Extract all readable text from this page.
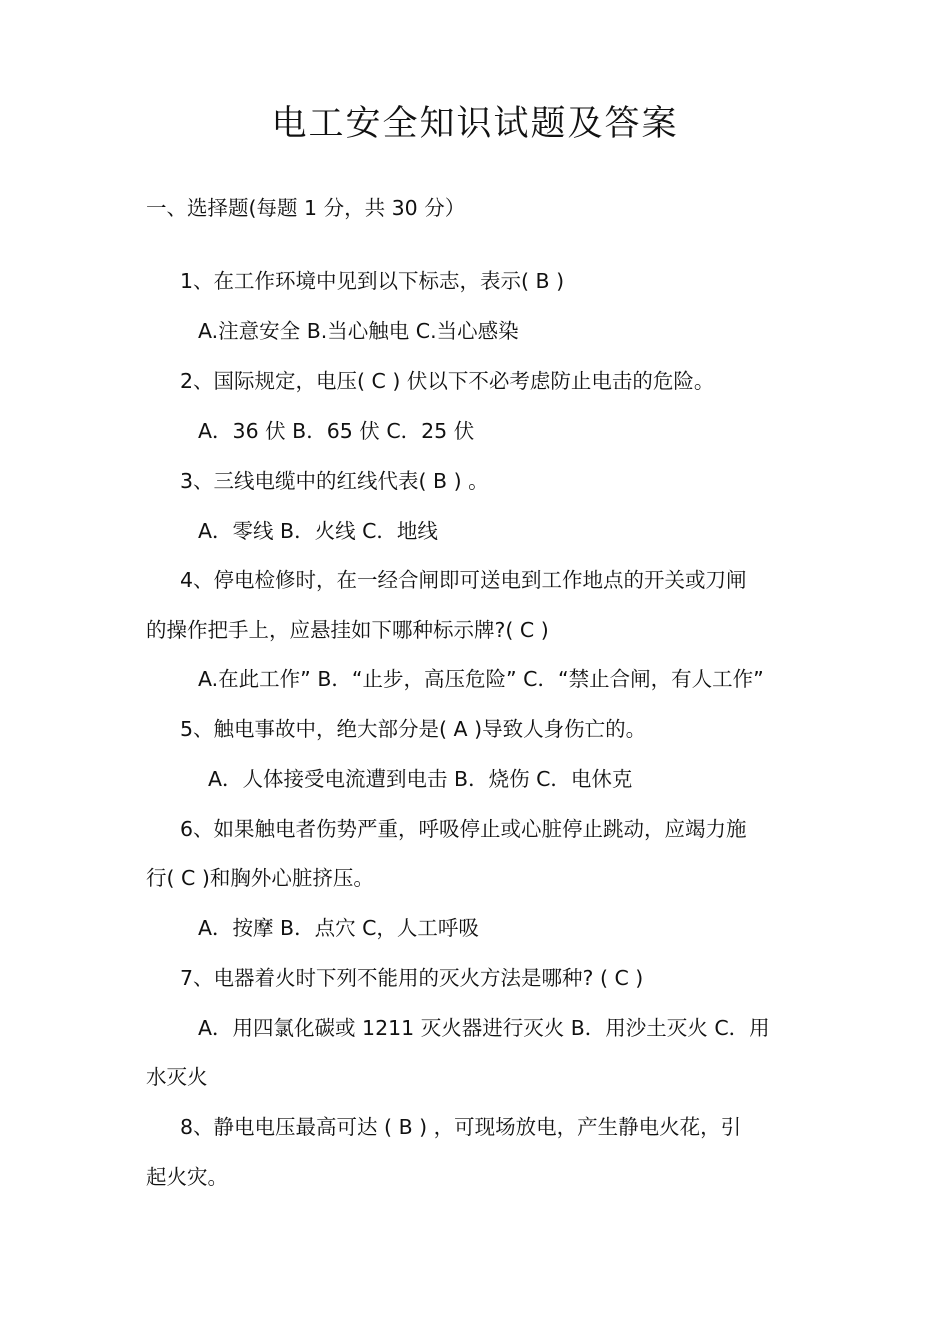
电工安全知识试题及答案
一、选择题(每题 1 分，共 30 分）
1、在工作环境中见到以下标志，表示( B )
A.注意安全 B.当心触电 C.当心感染
2、国际规定，电压( C ) 伏以下不必考虑防止电击的危险。
A．36 伏 B．65 伏 C．25 伏
3、三线电缆中的红线代表( B ) 。
A．零线 B．火线 C．地线
4、停电检修时，在一经合闸即可送电到工作地点的开关或刀闸
的操作把手上，应悬挂如下哪种标示牌?( C )
A.在此工作” B．“止步，高压危险” C．“禁止合闸，有人工作”
5、触电事故中，绝大部分是( A )导致人身伤亡的。
A．人体接受电流遭到电击 B．烧伤 C．电休克
6、如果触电者伤势严重，呼吸停止或心脏停止跳动，应竭力施
行( C )和胸外心脏挤压。
A．按摩 B．点穴 C，人工呼吸
7、电器着火时下列不能用的灭火方法是哪种? ( C )
A．用四氯化碳或 1211 灭火器进行灭火 B．用沙土灭火 C．用
水灭火
8、静电电压最高可达 ( B ) ，可现场放电，产生静电火花，引
起火灾。
